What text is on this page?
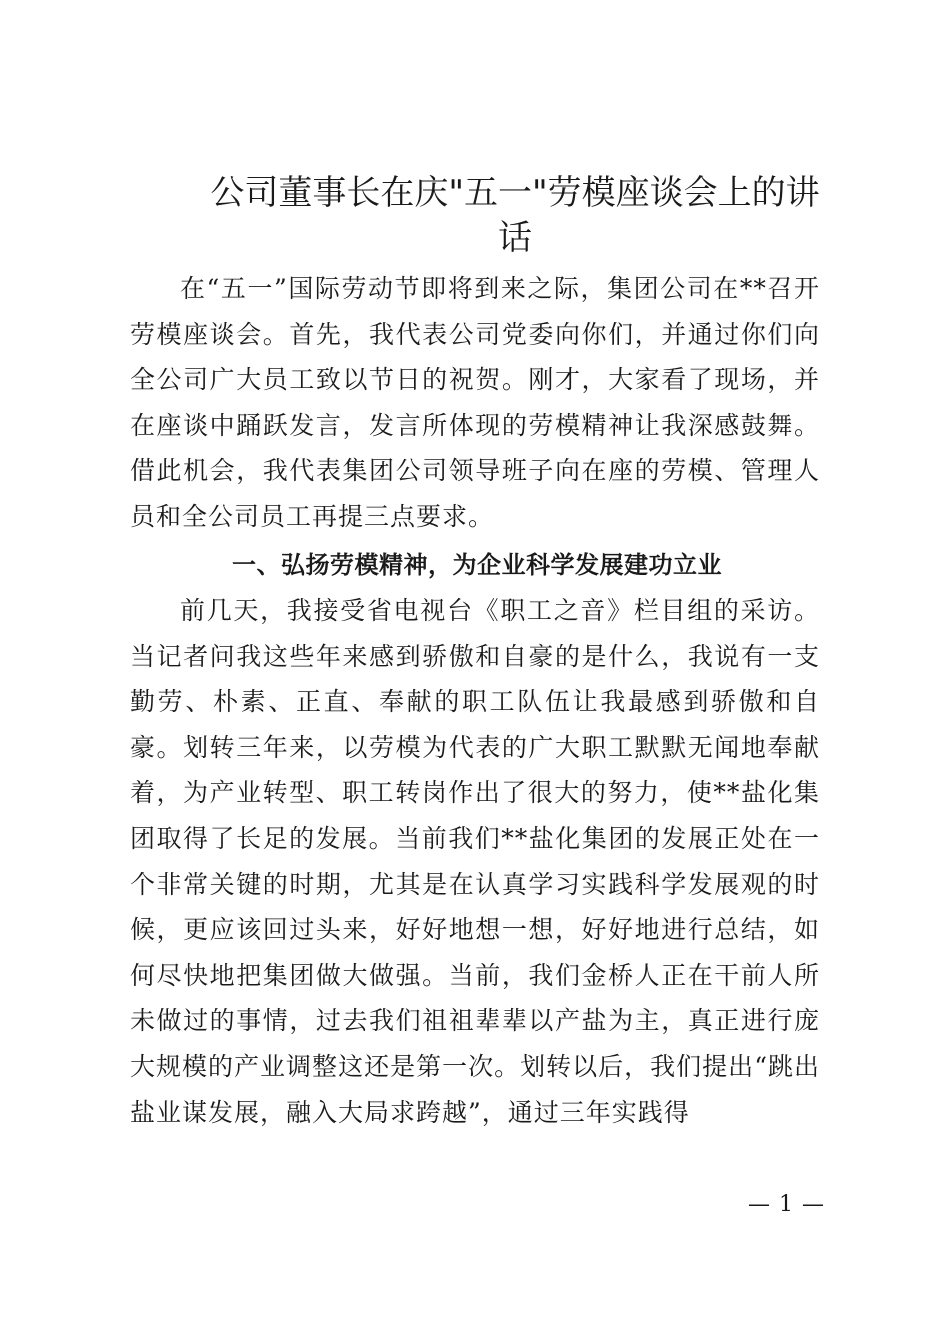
公司董事长在庆"五一"劳模座谈会上的讲
话

在“五一”国际劳动节即将到来之际，集团公司在**召开劳模座谈会。首先，我代表公司党委向你们，并通过你们向全公司广大员工致以节日的祝贺。刚才，大家看了现场，并在座谈中踊跃发言，发言所体现的劳模精神让我深感鼓舞。借此机会，我代表集团公司领导班子向在座的劳模、管理人员和全公司员工再提三点要求。

一、弘扬劳模精神，为企业科学发展建功立业

前几天，我接受省电视台《职工之音》栏目组的采访。当记者问我这些年来感到骄傲和自豪的是什么，我说有一支勤劳、朴素、正直、奉献的职工队伍让我最感到骄傲和自豪。划转三年来，以劳模为代表的广大职工默默无闻地奉献着，为产业转型、职工转岗作出了很大的努力，使**盐化集团取得了长足的发展。当前我们**盐化集团的发展正处在一个非常关键的时期，尤其是在认真学习实践科学发展观的时候，更应该回过头来，好好地想一想，好好地进行总结，如何尽快地把集团做大做强。当前，我们金桥人正在干前人所未做过的事情，过去我们祖祖辈辈以产盐为主，真正进行庞大规模的产业调整这还是第一次。划转以后，我们提出“跳出盐业谋发展，融入大局求跨越”，通过三年实践得

— 1 —
